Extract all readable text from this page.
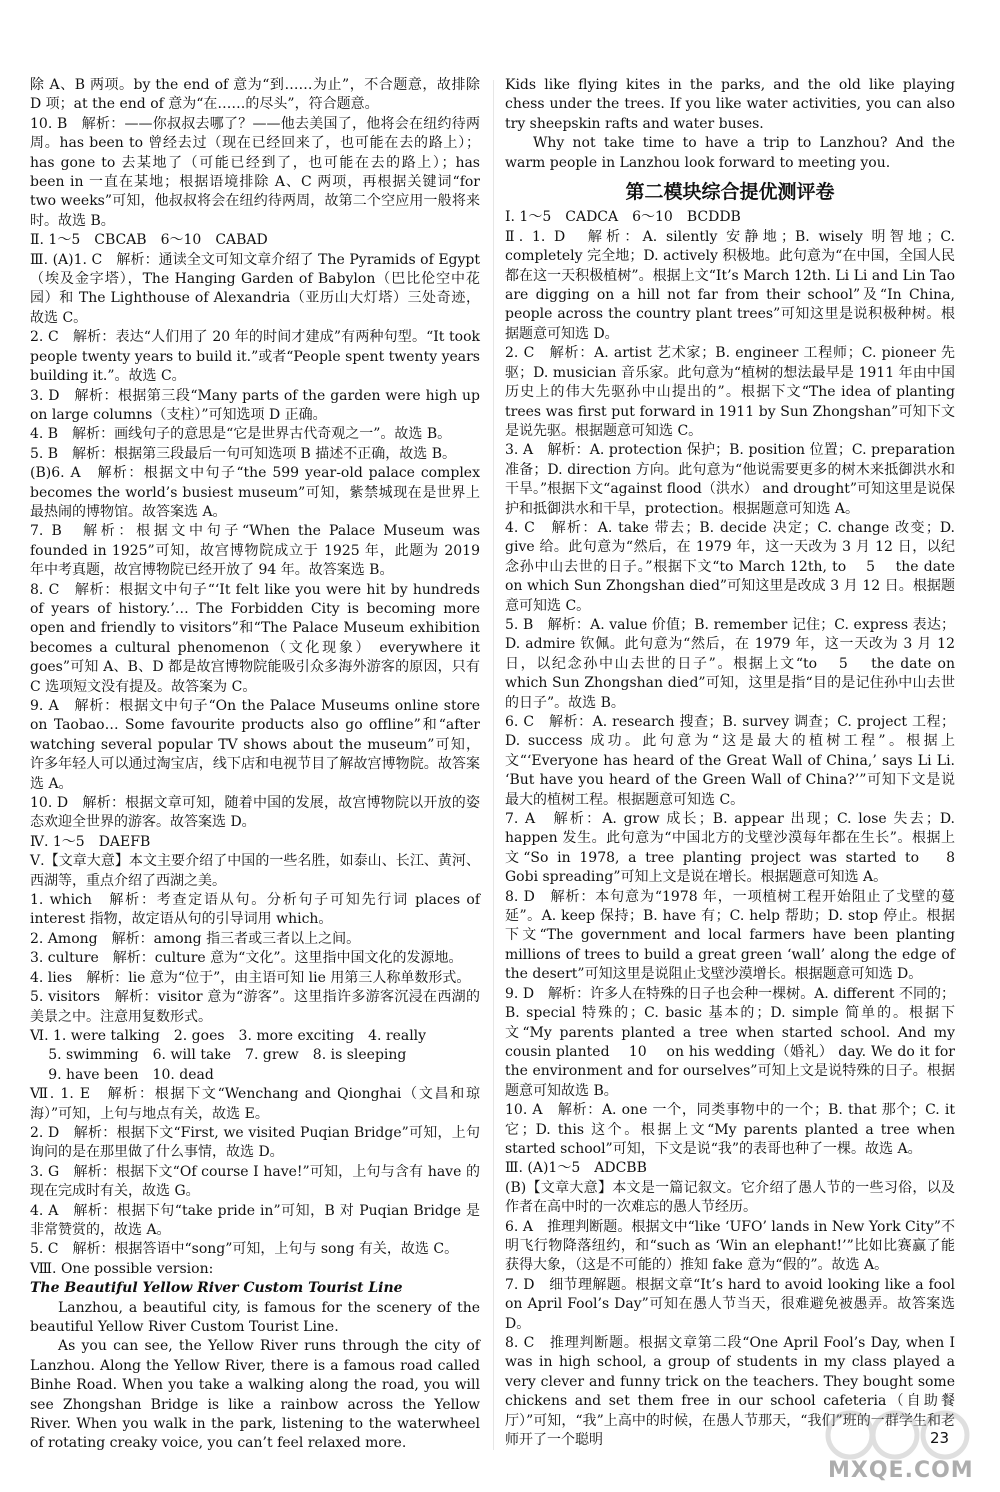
除 A、B 两项。by the end of 意为“到……为止”，不合题意，故排除 D 项；at the end of 意为“在……的尽头”，符合题意。

10. B　解析：——你叔叔去哪了？——他去美国了，他将会在纽约待两周。has been to 曾经去过（现在已经回来了，也可能在去的路上）；has gone to 去某地了（可能已经到了，也可能在去的路上）；has been in 一直在某地；根据语境排除 A、C 两项，再根据关键词“for two weeks”可知，他叔叔将会在纽约待两周，故第二个空应用一般将来时。故选 B。

Ⅱ. 1～5　CBCAB　6～10　CABAD

Ⅲ. (A)1. C　解析：通读全文可知文章介绍了 The Pyramids of Egypt（埃及金字塔），The Hanging Garden of Babylon（巴比伦空中花园）和 The Lighthouse of Alexandria（亚历山大灯塔）三处奇迹，故选 C。

2. C　解析：表达“人们用了 20 年的时间才建成”有两种句型。“It took people twenty years to build it.”或者“People spent twenty years building it.”。故选 C。

3. D　解析：根据第三段“Many parts of the garden were high up on large columns（支柱）”可知选项 D 正确。

4. B　解析：画线句子的意思是“它是世界古代奇观之一”。故选 B。

5. B　解析：根据第三段最后一句可知选项 B 描述不正确，故选 B。

(B)6. A　解析：根据文中句子“the 599 year-old palace complex becomes the world’s busiest museum”可知，紫禁城现在是世界上最热闹的博物馆。故答案选 A。

7. B　解析：根据文中句子“When the Palace Museum was founded in 1925”可知，故宫博物院成立于 1925 年，此题为 2019 年中考真题，故宫博物院已经开放了 94 年。故答案选 B。

8. C　解析：根据文中句子“‘It felt like you were hit by hundreds of years of history.’… The Forbidden City is becoming more open and friendly to visitors”和“The Palace Museum exhibition becomes a cultural phenomenon（文化现象） everywhere it goes”可知 A、B、D 都是故宫博物院能吸引众多海外游客的原因，只有 C 选项短文没有提及。故答案为 C。

9. A　解析：根据文中句子“On the Palace Museums online store on Taobao… Some favourite products also go offline”和“after watching several popular TV shows about the museum”可知，许多年轻人可以通过淘宝店，线下店和电视节目了解故宫博物院。故答案选 A。

10. D　解析：根据文章可知，随着中国的发展，故宫博物院以开放的姿态欢迎全世界的游客。故答案选 D。

Ⅳ. 1～5　DAEFB

Ⅴ.【文章大意】本文主要介绍了中国的一些名胜，如泰山、长江、黄河、西湖等，重点介绍了西湖之美。

1. which　解析：考查定语从句。分析句子可知先行词 places of interest 指物，故定语从句的引导词用 which。

2. Among　解析：among 指三者或三者以上之间。

3. culture　解析：culture 意为“文化”。这里指中国文化的发源地。

4. lies　解析：lie 意为“位于”，由主语可知 lie 用第三人称单数形式。

5. visitors　解析：visitor 意为“游客”。这里指许多游客沉浸在西湖的美景之中。注意用复数形式。

Ⅵ. 1. were talking　2. goes　3. more exciting　4. really

5. swimming　6. will take　7. grew　8. is sleeping

9. have been　10. dead

Ⅶ. 1. E　解析：根据下文“Wenchang and Qionghai（文昌和琼海）”可知，上句与地点有关，故选 E。

2. D　解析：根据下文“First, we visited Puqian Bridge”可知，上句询问的是在那里做了什么事情，故选 D。

3. G　解析：根据下文“Of course I have!”可知，上句与含有 have 的现在完成时有关，故选 G。

4. A　解析：根据下句“take pride in”可知，B 对 Puqian Bridge 是非常赞赏的，故选 A。

5. C　解析：根据答语中“song”可知，上句与 song 有关，故选 C。

Ⅷ. One possible version:

The Beautiful Yellow River Custom Tourist Line

Lanzhou, a beautiful city, is famous for the scenery of the beautiful Yellow River Custom Tourist Line.

As you can see, the Yellow River runs through the city of Lanzhou. Along the Yellow River, there is a famous road called Binhe Road. When you take a walking along the road, you will see Zhongshan Bridge is like a rainbow across the Yellow River. When you walk in the park, listening to the waterwheel of rotating creaky voice, you can’t feel relaxed more.

Kids like flying kites in the parks, and the old like playing chess under the trees. If you like water activities, you can also try sheepskin rafts and water buses.

Why not take time to have a trip to Lanzhou? And the warm people in Lanzhou look forward to meeting you.

第二模块综合提优测评卷

Ⅰ. 1～5　CADCA　6～10　BCDDB

Ⅱ. 1. D　解析：A. silently 安静地；B. wisely 明智地；C. completely 完全地；D. actively 积极地。此句意为“在中国，全国人民都在这一天积极植树”。根据上文“It’s March 12th. Li Li and Lin Tao are digging on a hill not far from their school”及“In China, people across the country plant trees”可知这里是说积极种树。根据题意可知选 D。

2. C　解析：A. artist 艺术家；B. engineer 工程师；C. pioneer 先驱；D. musician 音乐家。此句意为“植树的想法最早是 1911 年由中国历史上的伟大先驱孙中山提出的”。根据下文“The idea of planting trees was first put forward in 1911 by Sun Zhongshan”可知下文是说先驱。根据题意可知选 C。

3. A　解析：A. protection 保护；B. position 位置；C. preparation 准备；D. direction 方向。此句意为“他说需要更多的树木来抵御洪水和干旱。”根据下文“against flood（洪水） and drought”可知这里是说保护和抵御洪水和干旱，protection。根据题意可知选 A。

4. C　解析：A. take 带去；B. decide 决定；C. change 改变；D. give 给。此句意为“然后，在 1979 年，这一天改为 3 月 12 日，以纪念孙中山去世的日子。”根据下文“to March 12th, to 　5　 the date on which Sun Zhongshan died”可知这里是改成 3 月 12 日。根据题意可知选 C。

5. B　解析：A. value 价值；B. remember 记住；C. express 表达；D. admire 钦佩。此句意为“然后，在 1979 年，这一天改为 3 月 12 日，以纪念孙中山去世的日子”。根据上文“to 　5　 the date on which Sun Zhongshan died”可知，这里是指“目的是记住孙中山去世的日子”。故选 B。

6. C　解析：A. research 搜查；B. survey 调查；C. project 工程；D. success 成功。此句意为“这是最大的植树工程”。根据上文“‘Everyone has heard of the Great Wall of China,’ says Li Li. ‘But have you heard of the Green Wall of China?’”可知下文是说最大的植树工程。根据题意可知选 C。

7. A　解析：A. grow 成长；B. appear 出现；C. lose 失去；D. happen 发生。此句意为“中国北方的戈壁沙漠每年都在生长”。根据上文“So in 1978, a tree planting project was started to 　8　 Gobi spreading”可知上文是说在增长。根据题意可知选 A。

8. D　解析：本句意为“1978 年，一项植树工程开始阻止了戈壁的蔓延”。A. keep 保持；B. have 有；C. help 帮助；D. stop 停止。根据下文“The government and local farmers have been planting millions of trees to build a great green ‘wall’ along the edge of the desert”可知这里是说阻止戈壁沙漠增长。根据题意可知选 D。

9. D　解析：许多人在特殊的日子也会种一棵树。A. different 不同的；B. special 特殊的；C. basic 基本的；D. simple 简单的。根据下文“My parents planted a tree when started school. And my cousin planted 　10　 on his wedding（婚礼） day. We do it for the environment and for ourselves”可知上文是说特殊的日子。根据题意可知故选 B。

10. A　解析：A. one 一个，同类事物中的一个；B. that 那个；C. it 它；D. this 这个。根据上文“My parents planted a tree when started school”可知，下文是说“我”的表哥也种了一棵。故选 A。

Ⅲ. (A)1～5　ADCBB

(B)【文章大意】本文是一篇记叙文。它介绍了愚人节的一些习俗，以及作者在高中时的一次难忘的愚人节经历。

6. A　推理判断题。根据文中“like ‘UFO’ lands in New York City”不明飞行物降落纽约，和“such as ‘Win an elephant!’”比如比赛赢了能获得大象，（这是不可能的）推知 fake 意为“假的”。故选 A。

7. D　细节理解题。根据文章“It’s hard to avoid looking like a fool on April Fool’s Day”可知在愚人节当天，很难避免被愚弄。故答案选 D。

8. C　推理判断题。根据文章第二段“One April Fool’s Day, when I was in high school, a group of students in my class played a very clever and funny trick on the teachers. They bought some chickens and set them free in our school cafeteria（自助餐厅）”可知，“我”上高中的时候，在愚人节那天，“我们”班的一群学生和老师开了一个聪明

MXQE.COM
23
